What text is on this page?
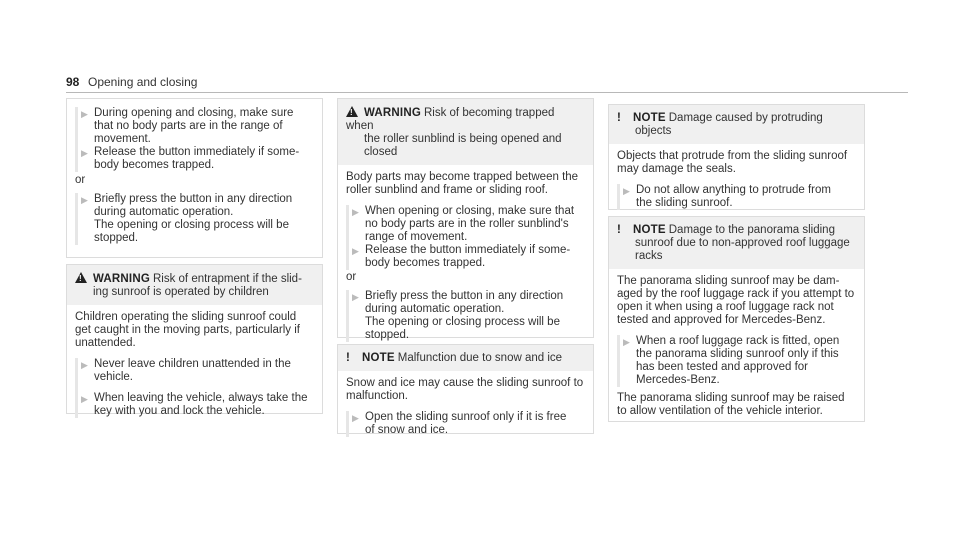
98 Opening and closing
▶ During opening and closing, make sure

that no body parts are in the range of

movement.

▶ Release the button immediately if some-

body becomes trapped.

or

▶ Briefly press the button in any direction

during automatic operation.

The opening or closing process will be

stopped.

!WARNING Risk of entrapment if the slid-

ing sunroof is operated by children

Children operating the sliding sunroof could

get caught in the moving parts, particularly if

unattended.

▶ Never leave children unattended in the

vehicle.

▶ When leaving the vehicle, always take the

key with you and lock the vehicle.

!WARNING Risk of becoming trapped when

the roller sunblind is being opened and

closed

Body parts may become trapped between the

roller sunblind and frame or sliding roof.

▶ When opening or closing, make sure that

no body parts are in the roller sunblind's

range of movement.

▶ Release the button immediately if some-

body becomes trapped.

or

▶ Briefly press the button in any direction

during automatic operation.

The opening or closing process will be

stopped.

! NOTE Malfunction due to snow and ice

Snow and ice may cause the sliding sunroof to

malfunction.

▶ Open the sliding sunroof only if it is free

of snow and ice.

! NOTE Damage caused by protruding

objects

Objects that protrude from the sliding sunroof

may damage the seals.

▶ Do not allow anything to protrude from

the sliding sunroof.

! NOTE Damage to the panorama sliding

sunroof due to non-approved roof luggage

racks

The panorama sliding sunroof may be dam-

aged by the roof luggage rack if you attempt to

open it when using a roof luggage rack not

tested and approved for Mercedes-Benz.

▶ When a roof luggage rack is fitted, open

the panorama sliding sunroof only if this

has been tested and approved for

Mercedes-Benz.

The panorama sliding sunroof may be raised

to allow ventilation of the vehicle interior.
